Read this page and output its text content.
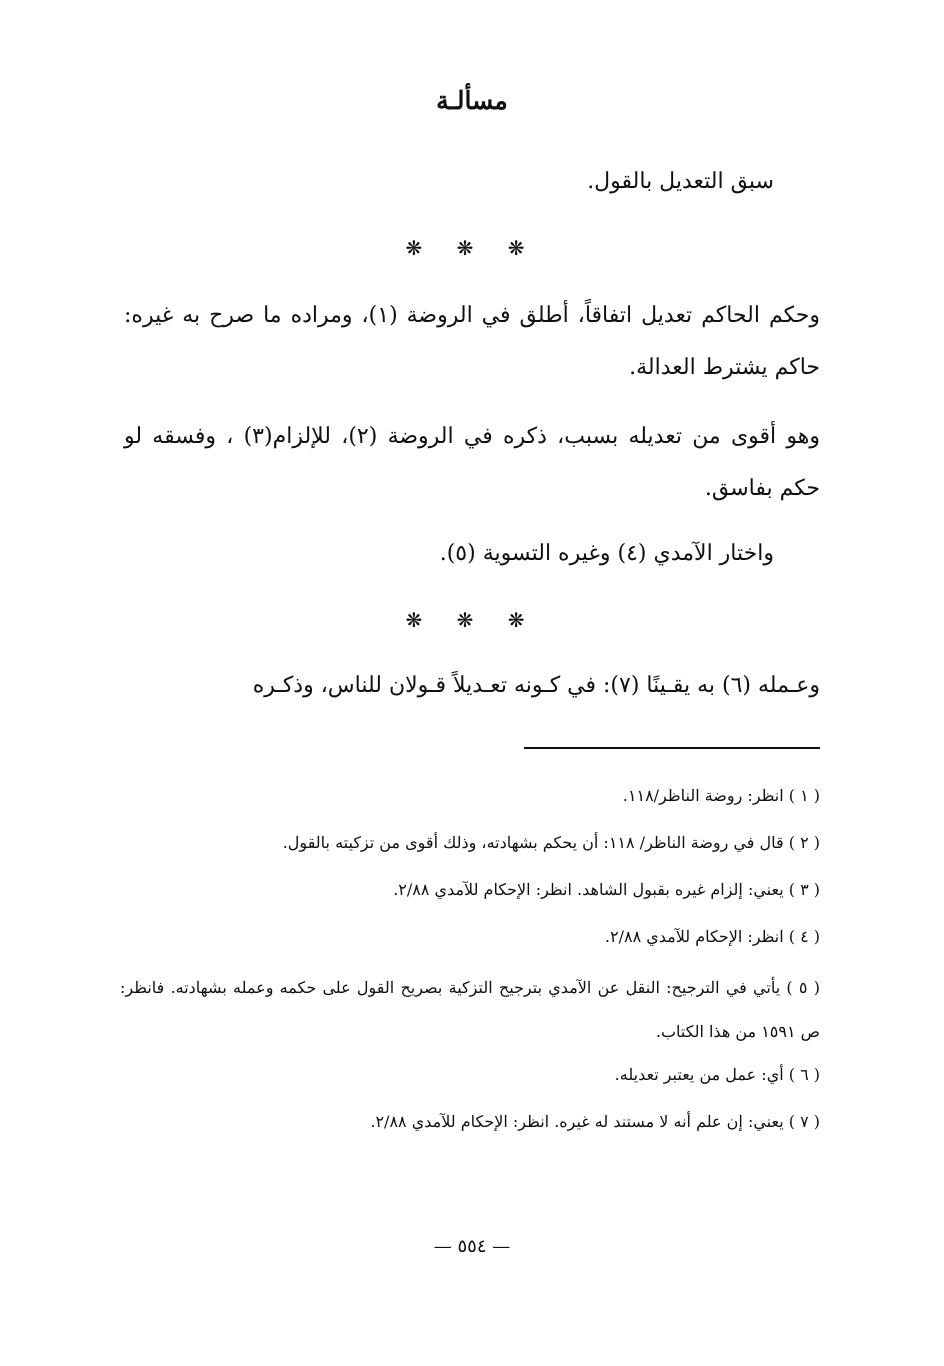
مسألـة

سبق التعديل بالقول.

❋ ❋ ❋

وحكم الحاكم تعديل اتفاقاً، أطلق في الروضة (١)، ومراده ما صرح به غيره: حاكم يشترط العدالة.

وهو أقوى من تعديله بسبب، ذكره في الروضة (٢)، للإلزام(٣) ، وفسقه لو حكم بفاسق.

واختار الآمدي (٤) وغيره التسوية (٥).

❋ ❋ ❋

وعـمله (٦) به يقـينًا (٧): في كـونه تعـديلاً قـولان للناس، وذكـره

( ١ ) انظر: روضة الناظر/١١٨.

( ٢ ) قال في روضة الناظر/ ١١٨: أن يحكم بشهادته، وذلك أقوى من تزكيته بالقول.

( ٣ ) يعني: إلزام غيره بقبول الشاهد. انظر: الإحكام للآمدي ٢/٨٨.

( ٤ ) انظر: الإحكام للآمدي ٢/٨٨.

( ٥ ) يأتي في الترجيح: النقل عن الآمدي بترجيح التزكية بصريح القول على حكمه وعمله بشهادته. فانظر: ص ١٥٩١ من هذا الكتاب.

( ٦ ) أي: عمل من يعتبر تعديله.

( ٧ ) يعني: إن علم أنه لا مستند له غيره. انظر: الإحكام للآمدي ٢/٨٨.

— ٥٥٤ —
